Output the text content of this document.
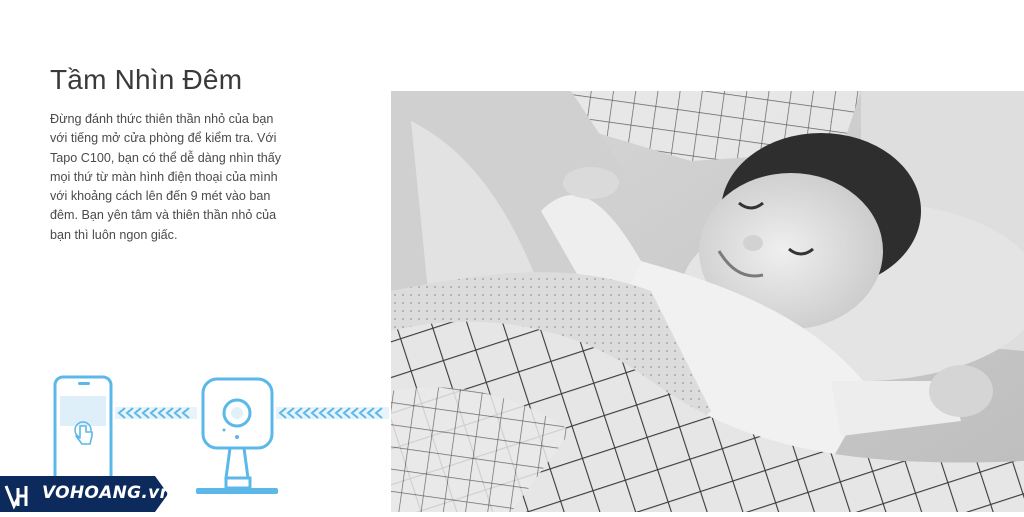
Tầm Nhìn Đêm
Đừng đánh thức thiên thần nhỏ của bạn với tiếng mở cửa phòng để kiểm tra. Với Tapo C100, bạn có thể dễ dàng nhìn thấy mọi thứ từ màn hình điện thoại của mình với khoảng cách lên đến 9 mét vào ban đêm. Bạn yên tâm và thiên thần nhỏ của bạn thì luôn ngon giấc.
VOHOANG.vn
